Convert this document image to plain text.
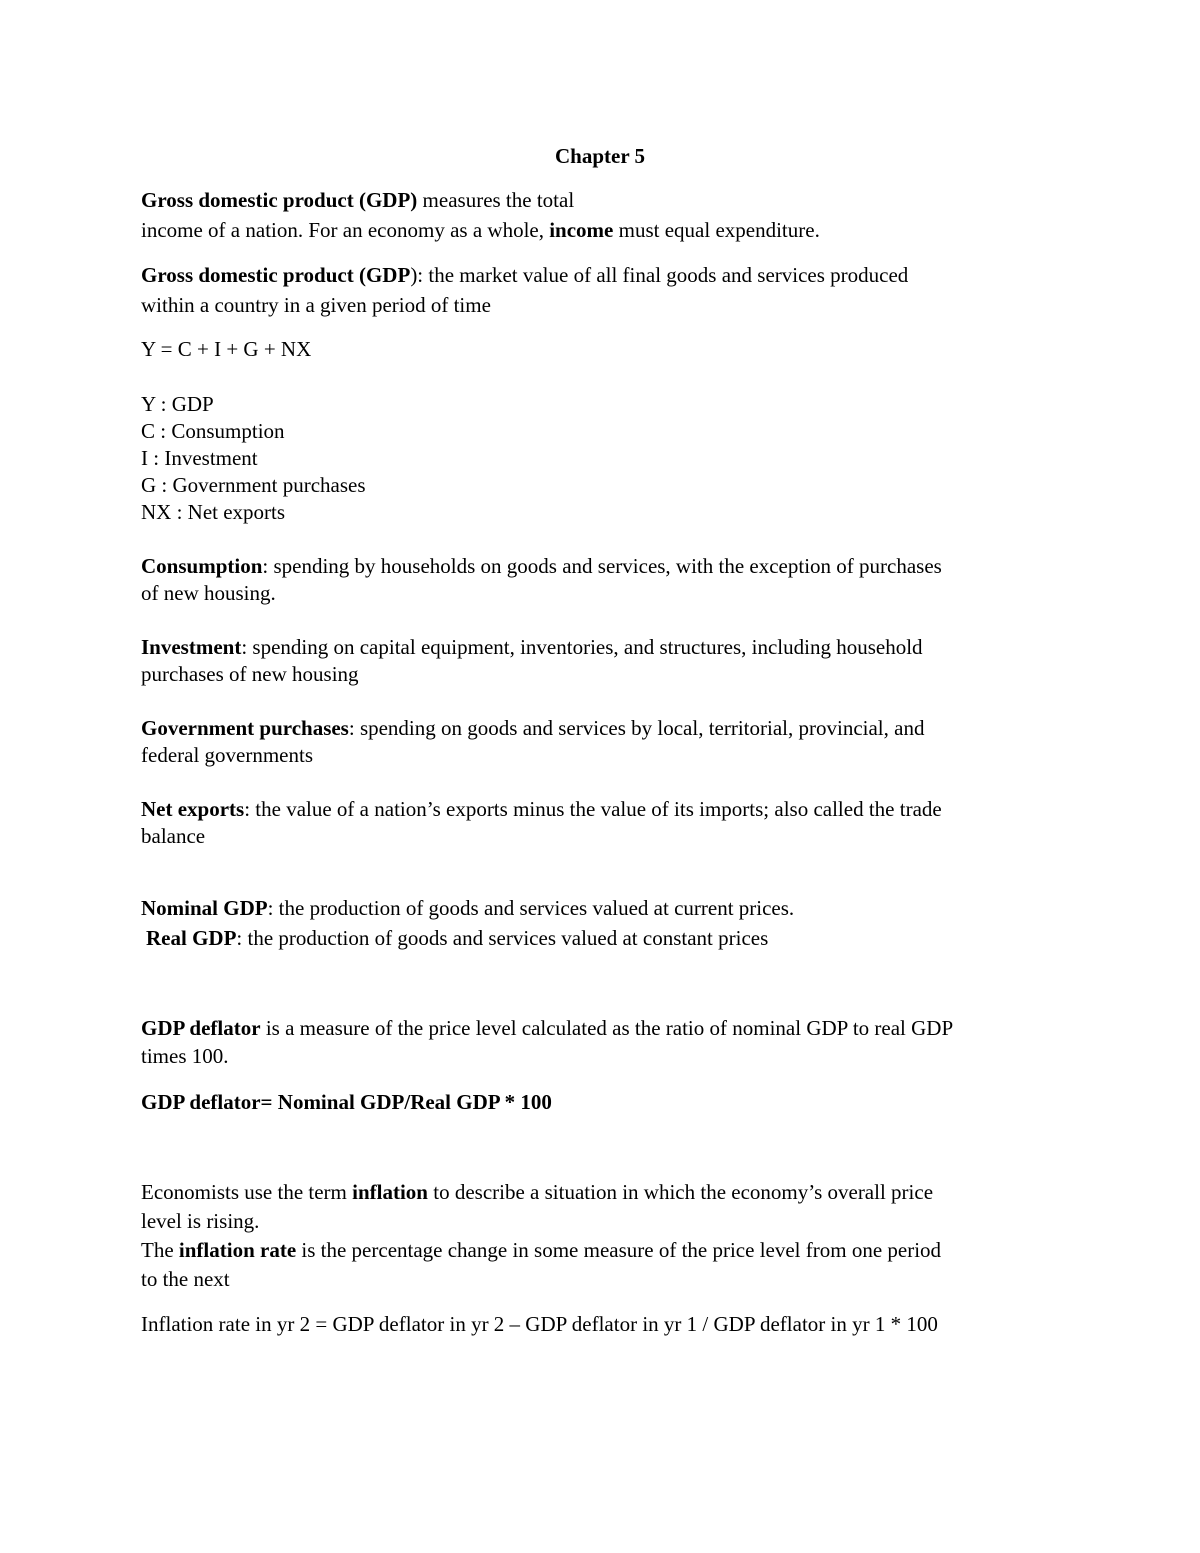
Chapter 5
Gross domestic product (GDP) measures the total
income of a nation. For an economy as a whole, income must equal expenditure.
Gross domestic product (GDP): the market value of all final goods and services produced
within a country in a given period of time
Y = C + I + G + NX
Y : GDP
C : Consumption
I : Investment
G : Government purchases
NX : Net exports
Consumption: spending by households on goods and services, with the exception of purchases
of new housing.
Investment: spending on capital equipment, inventories, and structures, including household
purchases of new housing
Government purchases: spending on goods and services by local, territorial, provincial, and
federal governments
Net exports: the value of a nation’s exports minus the value of its imports; also called the trade
balance
Nominal GDP: the production of goods and services valued at current prices.
Real GDP: the production of goods and services valued at constant prices
GDP deflator is a measure of the price level calculated as the ratio of nominal GDP to real GDP
times 100.
GDP deflator= Nominal GDP/Real GDP * 100
Economists use the term inflation to describe a situation in which the economy’s overall price
level is rising.
The inflation rate is the percentage change in some measure of the price level from one period
to the next
Inflation rate in yr 2 = GDP deflator in yr 2 – GDP deflator in yr 1 / GDP deflator in yr 1 * 100
